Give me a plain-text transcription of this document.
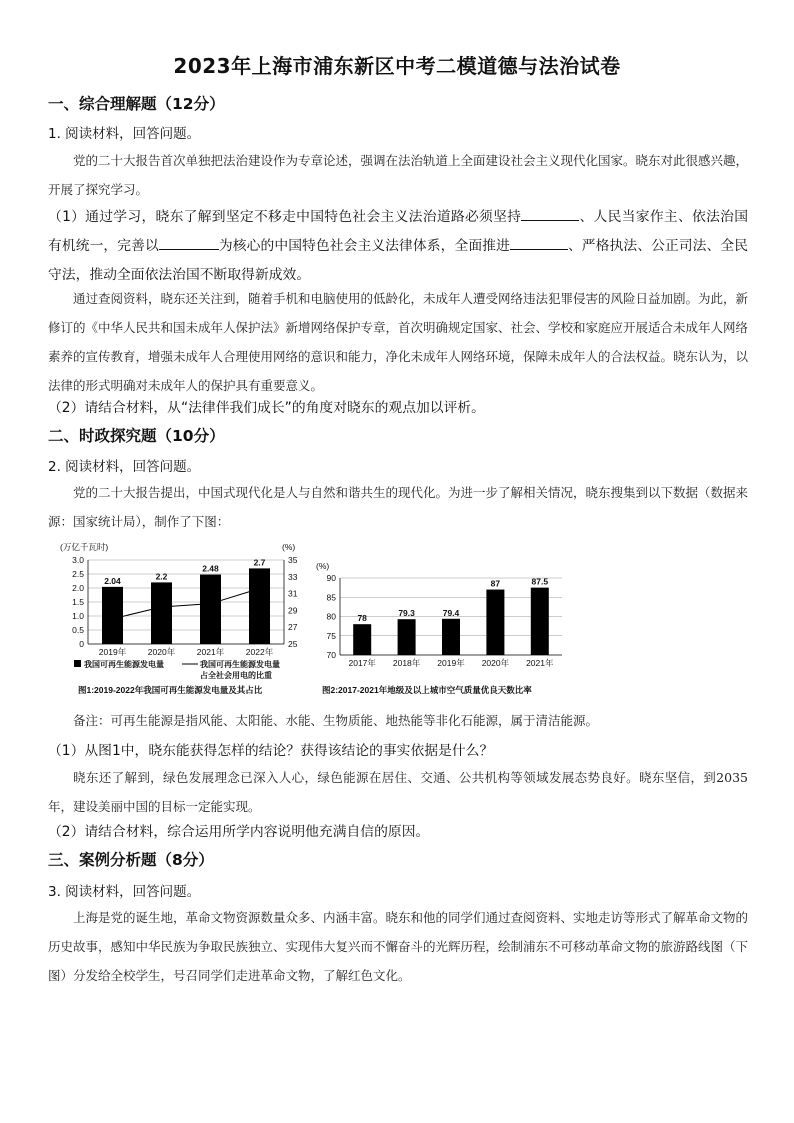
2023年上海市浦东新区中考二模道德与法治试卷
一、综合理解题（12分）
1. 阅读材料，回答问题。
党的二十大报告首次单独把法治建设作为专章论述，强调在法治轨道上全面建设社会主义现代化国家。晓东对此很感兴趣，开展了探究学习。
（1）通过学习，晓东了解到坚定不移走中国特色社会主义法治道路必须坚持	、人民当家作主、依法治国有机统一，完善以	为核心的中国特色社会主义法律体系，全面推进	、严格执法、公正司法、全民守法，推动全面依法治国不断取得新成效。
通过查阅资料，晓东还关注到，随着手机和电脑使用的低龄化，未成年人遭受网络违法犯罪侵害的风险日益加剧。为此，新修订的《中华人民共和国未成年人保护法》新增网络保护专章，首次明确规定国家、社会、学校和家庭应开展适合未成年人网络素养的宣传教育，增强未成年人合理使用网络的意识和能力，净化未成年人网络环境，保障未成年人的合法权益。晓东认为，以法律的形式明确对未成年人的保护具有重要意义。
（2）请结合材料，从“法律伴我们成长”的角度对晓东的观点加以评析。
二、时政探究题（10分）
2. 阅读材料，回答问题。
党的二十大报告提出，中国式现代化是人与自然和谐共生的现代化。为进一步了解相关情况，晓东搜集到以下数据（数据来源：国家统计局），制作了下图：
(万亿千瓦时)	(%)
0
0.5
1.0
1.5
2.0
2.5
3.0
25
27
29
31
33
35
2.04
2019年
2.2
2020年
2.48
2021年
2.7
2022年
我国可再生能源发电量	我国可再生能源发电量
占全社会用电的比重
图1:2019-2022年我国可再生能源发电量及其占比
(%)
70
75
80
85
90
78
2017年
79.3
2018年
79.4
2019年
87
2020年
87.5
2021年
图2:2017-2021年地级及以上城市空气质量优良天数比率
备注：可再生能源是指风能、太阳能、水能、生物质能、地热能等非化石能源，属于清洁能源。
（1）从图1中，晓东能获得怎样的结论？获得该结论的事实依据是什么？
晓东还了解到，绿色发展理念已深入人心，绿色能源在居住、交通、公共机构等领域发展态势良好。晓东坚信，到2035年，建设美丽中国的目标一定能实现。
（2）请结合材料，综合运用所学内容说明他充满自信的原因。
三、案例分析题（8分）
3. 阅读材料，回答问题。
上海是党的诞生地，革命文物资源数量众多、内涵丰富。晓东和他的同学们通过查阅资料、实地走访等形式了解革命文物的历史故事，感知中华民族为争取民族独立、实现伟大复兴而不懈奋斗的光辉历程，绘制浦东不可移动革命文物的旅游路线图（下图）分发给全校学生，号召同学们走进革命文物，了解红色文化。
